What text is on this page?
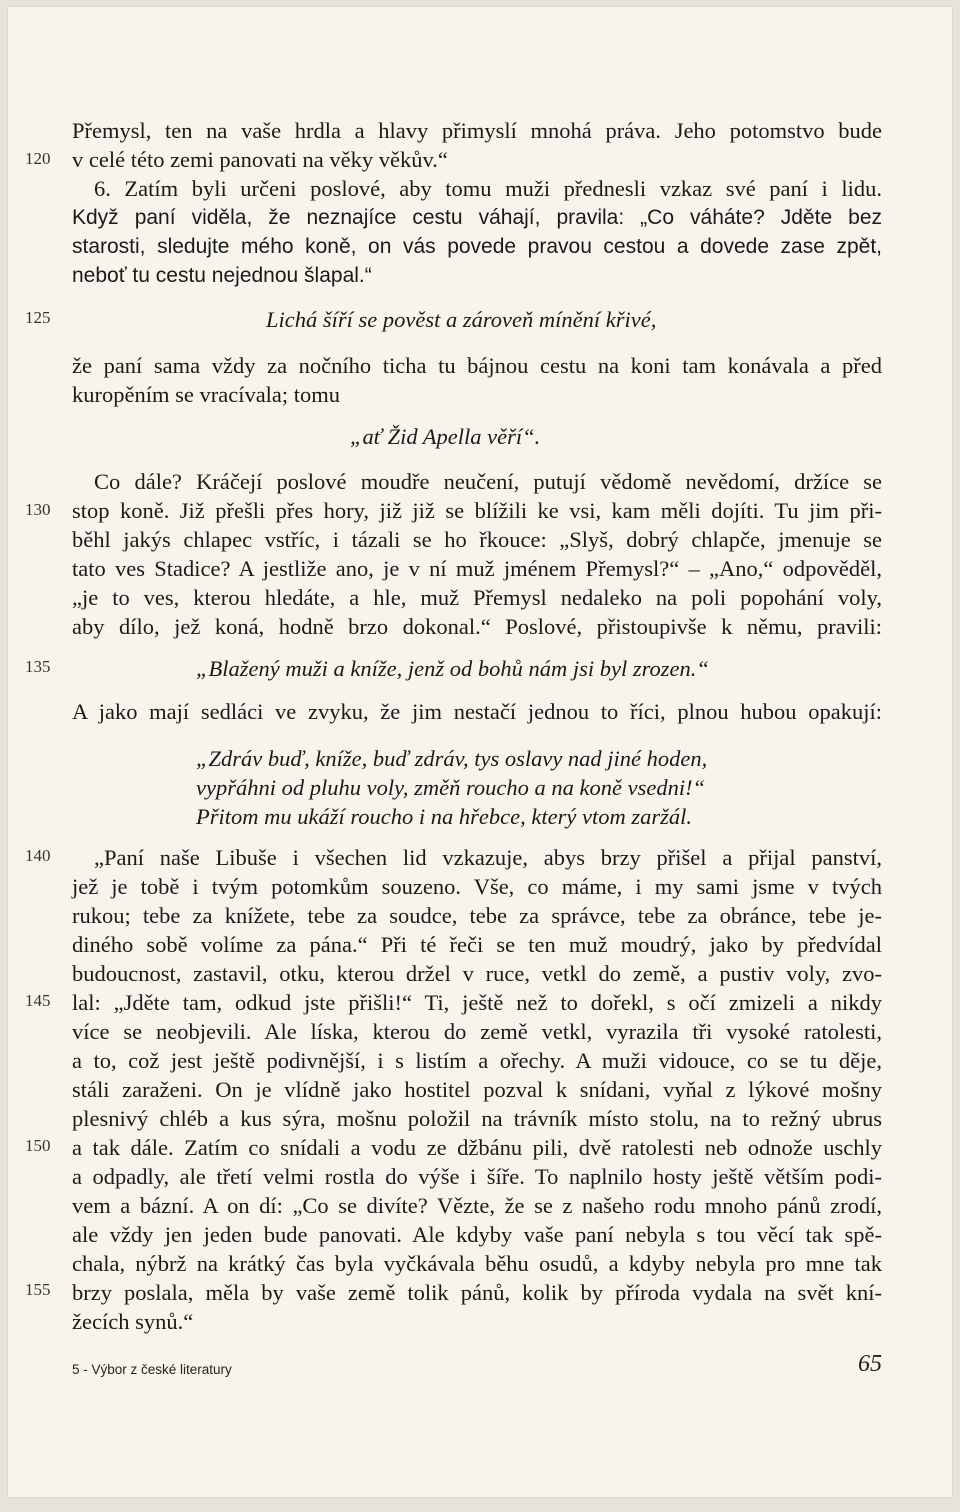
120
125
130
135
140
145
150
155
Přemysl, ten na vaše hrdla a hlavy přimyslí mnohá práva. Jeho potomstvo bude
v celé této zemi panovati na věky věkův.“
6. Zatím byli určeni poslové, aby tomu muži přednesli vzkaz své paní i lidu.
Když paní viděla, že neznajíce cestu váhají, pravila: „Co váháte? Jděte bez
starosti, sledujte mého koně, on vás povede pravou cestou a dovede zase zpět,
neboť tu cestu nejednou šlapal.“
Lichá šíří se pověst a zároveň mínění křivé,
že paní sama vždy za nočního ticha tu bájnou cestu na koni tam konávala a před
kuropěním se vracívala; tomu
„ať Žid Apella věří“.
Co dále? Kráčejí poslové moudře neučení, putují vědomě nevědomí, držíce se
stop koně. Již přešli přes hory, již již se blížili ke vsi, kam měli dojíti. Tu jim při-
běhl jakýs chlapec vstříc, i tázali se ho řkouce: „Slyš, dobrý chlapče, jmenuje se
tato ves Stadice? A jestliže ano, je v ní muž jménem Přemysl?“ – „Ano,“ odpověděl,
„je to ves, kterou hledáte, a hle, muž Přemysl nedaleko na poli popohání voly,
aby dílo, jež koná, hodně brzo dokonal.“ Poslové, přistoupivše k němu, pravili:
„Blažený muži a kníže, jenž od bohů nám jsi byl zrozen.“
A jako mají sedláci ve zvyku, že jim nestačí jednou to říci, plnou hubou opakují:
„Zdráv buď, kníže, buď zdráv, tys oslavy nad jiné hoden,
vypřáhni od pluhu voly, změň roucho a na koně vsedni!“
Přitom mu ukáží roucho i na hřebce, který vtom zaržál.
„Paní naše Libuše i všechen lid vzkazuje, abys brzy přišel a přijal panství,
jež je tobě i tvým potomkům souzeno. Vše, co máme, i my sami jsme v tvých
rukou; tebe za knížete, tebe za soudce, tebe za správce, tebe za obránce, tebe je-
diného sobě volíme za pána.“ Při té řeči se ten muž moudrý, jako by předvídal
budoucnost, zastavil, otku, kterou držel v ruce, vetkl do země, a pustiv voly, zvo-
lal: „Jděte tam, odkud jste přišli!“ Ti, ještě než to dořekl, s očí zmizeli a nikdy
více se neobjevili. Ale líska, kterou do země vetkl, vyrazila tři vysoké ratolesti,
a to, což jest ještě podivnější, i s listím a ořechy. A muži vidouce, co se tu děje,
stáli zaraženi. On je vlídně jako hostitel pozval k snídani, vyňal z lýkové mošny
plesnivý chléb a kus sýra, mošnu položil na trávník místo stolu, na to režný ubrus
a tak dále. Zatím co snídali a vodu ze džbánu pili, dvě ratolesti neb odnože uschly
a odpadly, ale třetí velmi rostla do výše i šíře. To naplnilo hosty ještě větším podi-
vem a bázní. A on dí: „Co se divíte? Vězte, že se z našeho rodu mnoho pánů zrodí,
ale vždy jen jeden bude panovati. Ale kdyby vaše paní nebyla s tou věcí tak spě-
chala, nýbrž na krátký čas byla vyčkávala běhu osudů, a kdyby nebyla pro mne tak
brzy poslala, měla by vaše země tolik pánů, kolik by příroda vydala na svět kní-
žecích synů.“
5 - Výbor z české literatury	65
